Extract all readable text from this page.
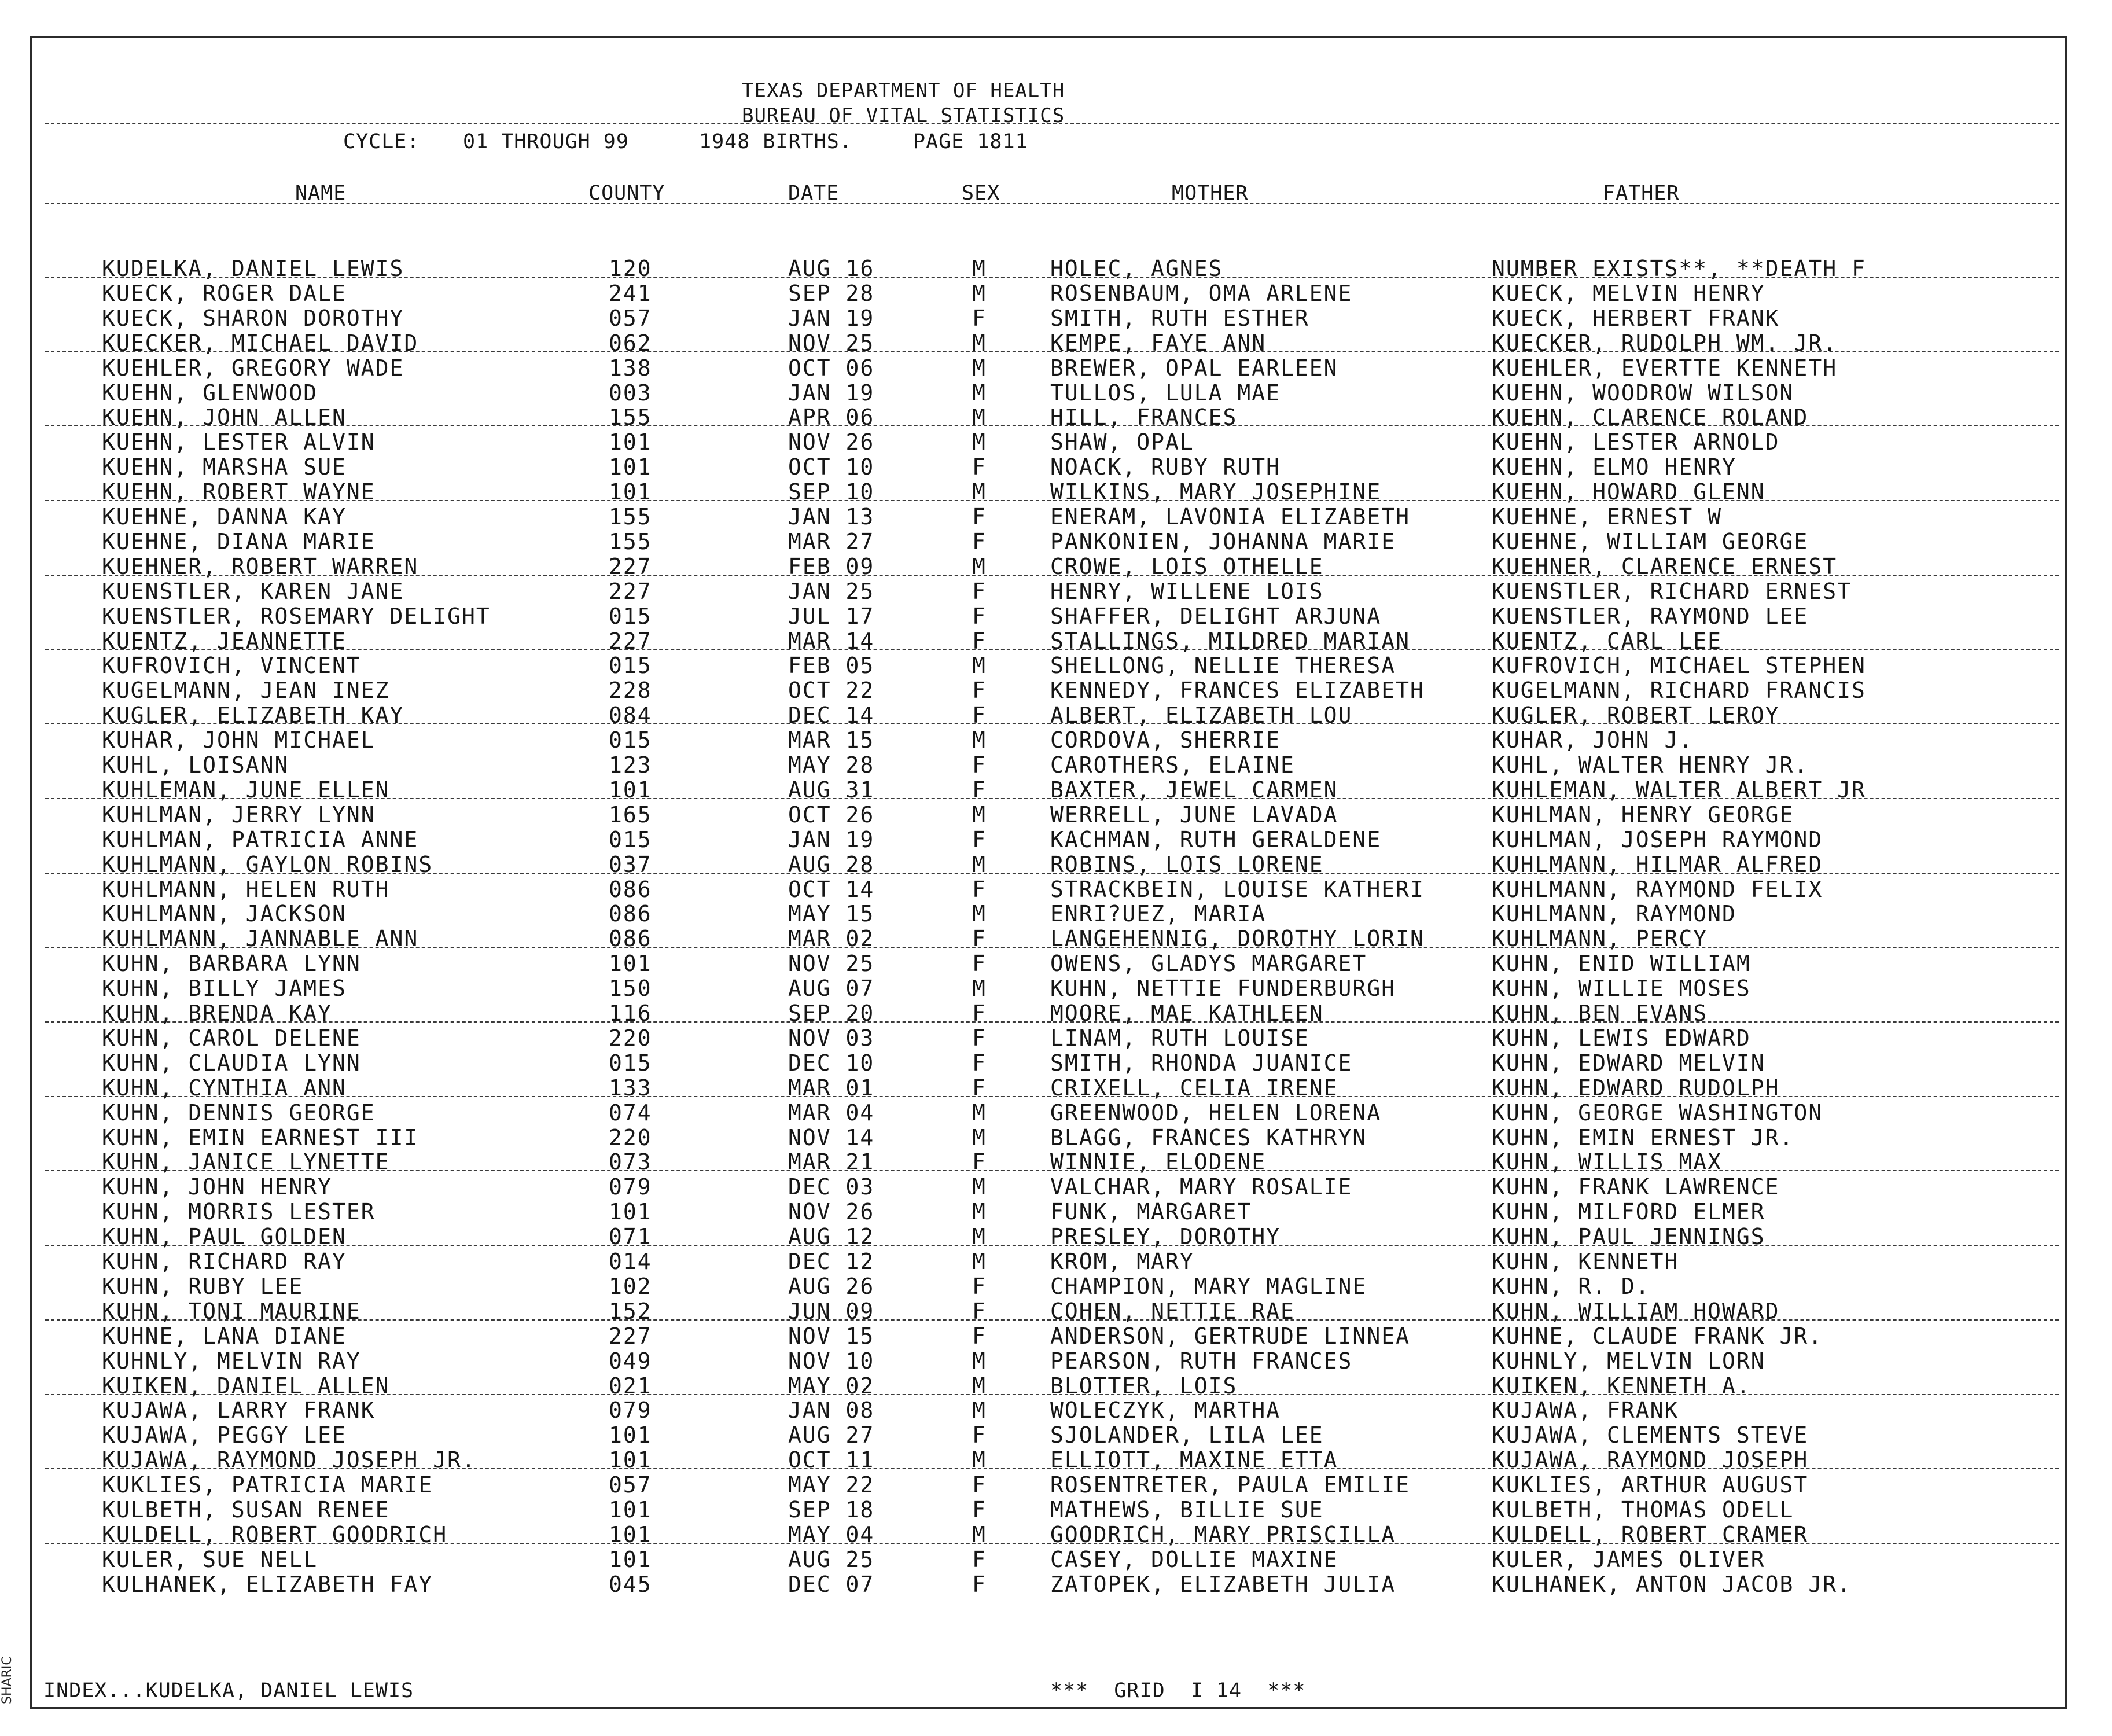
TEXAS DEPARTMENT OF HEALTH
BUREAU OF VITAL STATISTICS
CYCLE: 01 THROUGH 99	1948 BIRTHS.	PAGE 1811
NAME	COUNTY	DATE	SEX	MOTHER	FATHER
KUDELKA, DANIEL LEWIS	120	AUG 16	M	HOLEC, AGNES	NUMBER EXISTS**, **DEATH F
KUECK, ROGER DALE	241	SEP 28	M	ROSENBAUM, OMA ARLENE	KUECK, MELVIN HENRY
KUECK, SHARON DOROTHY	057	JAN 19	F	SMITH, RUTH ESTHER	KUECK, HERBERT FRANK
KUECKER, MICHAEL DAVID	062	NOV 25	M	KEMPE, FAYE ANN	KUECKER, RUDOLPH WM. JR.
KUEHLER, GREGORY WADE	138	OCT 06	M	BREWER, OPAL EARLEEN	KUEHLER, EVERTTE KENNETH
KUEHN, GLENWOOD	003	JAN 19	M	TULLOS, LULA MAE	KUEHN, WOODROW WILSON
KUEHN, JOHN ALLEN	155	APR 06	M	HILL, FRANCES	KUEHN, CLARENCE ROLAND
KUEHN, LESTER ALVIN	101	NOV 26	M	SHAW, OPAL	KUEHN, LESTER ARNOLD
KUEHN, MARSHA SUE	101	OCT 10	F	NOACK, RUBY RUTH	KUEHN, ELMO HENRY
KUEHN, ROBERT WAYNE	101	SEP 10	M	WILKINS, MARY JOSEPHINE	KUEHN, HOWARD GLENN
KUEHNE, DANNA KAY	155	JAN 13	F	ENERAM, LAVONIA ELIZABETH	KUEHNE, ERNEST W
KUEHNE, DIANA MARIE	155	MAR 27	F	PANKONIEN, JOHANNA MARIE	KUEHNE, WILLIAM GEORGE
KUEHNER, ROBERT WARREN	227	FEB 09	M	CROWE, LOIS OTHELLE	KUEHNER, CLARENCE ERNEST
KUENSTLER, KAREN JANE	227	JAN 25	F	HENRY, WILLENE LOIS	KUENSTLER, RICHARD ERNEST
KUENSTLER, ROSEMARY DELIGHT	015	JUL 17	F	SHAFFER, DELIGHT ARJUNA	KUENSTLER, RAYMOND LEE
KUENTZ, JEANNETTE	227	MAR 14	F	STALLINGS, MILDRED MARIAN	KUENTZ, CARL LEE
KUFROVICH, VINCENT	015	FEB 05	M	SHELLONG, NELLIE THERESA	KUFROVICH, MICHAEL STEPHEN
KUGELMANN, JEAN INEZ	228	OCT 22	F	KENNEDY, FRANCES ELIZABETH	KUGELMANN, RICHARD FRANCIS
KUGLER, ELIZABETH KAY	084	DEC 14	F	ALBERT, ELIZABETH LOU	KUGLER, ROBERT LEROY
KUHAR, JOHN MICHAEL	015	MAR 15	M	CORDOVA, SHERRIE	KUHAR, JOHN J.
KUHL, LOISANN	123	MAY 28	F	CAROTHERS, ELAINE	KUHL, WALTER HENRY JR.
KUHLEMAN, JUNE ELLEN	101	AUG 31	F	BAXTER, JEWEL CARMEN	KUHLEMAN, WALTER ALBERT JR
KUHLMAN, JERRY LYNN	165	OCT 26	M	WERRELL, JUNE LAVADA	KUHLMAN, HENRY GEORGE
KUHLMAN, PATRICIA ANNE	015	JAN 19	F	KACHMAN, RUTH GERALDENE	KUHLMAN, JOSEPH RAYMOND
KUHLMANN, GAYLON ROBINS	037	AUG 28	M	ROBINS, LOIS LORENE	KUHLMANN, HILMAR ALFRED
KUHLMANN, HELEN RUTH	086	OCT 14	F	STRACKBEIN, LOUISE KATHERI	KUHLMANN, RAYMOND FELIX
KUHLMANN, JACKSON	086	MAY 15	M	ENRI?UEZ, MARIA	KUHLMANN, RAYMOND
KUHLMANN, JANNABLE ANN	086	MAR 02	F	LANGEHENNIG, DOROTHY LORIN	KUHLMANN, PERCY
KUHN, BARBARA LYNN	101	NOV 25	F	OWENS, GLADYS MARGARET	KUHN, ENID WILLIAM
KUHN, BILLY JAMES	150	AUG 07	M	KUHN, NETTIE FUNDERBURGH	KUHN, WILLIE MOSES
KUHN, BRENDA KAY	116	SEP 20	F	MOORE, MAE KATHLEEN	KUHN, BEN EVANS
KUHN, CAROL DELENE	220	NOV 03	F	LINAM, RUTH LOUISE	KUHN, LEWIS EDWARD
KUHN, CLAUDIA LYNN	015	DEC 10	F	SMITH, RHONDA JUANICE	KUHN, EDWARD MELVIN
KUHN, CYNTHIA ANN	133	MAR 01	F	CRIXELL, CELIA IRENE	KUHN, EDWARD RUDOLPH
KUHN, DENNIS GEORGE	074	MAR 04	M	GREENWOOD, HELEN LORENA	KUHN, GEORGE WASHINGTON
KUHN, EMIN EARNEST III	220	NOV 14	M	BLAGG, FRANCES KATHRYN	KUHN, EMIN ERNEST JR.
KUHN, JANICE LYNETTE	073	MAR 21	F	WINNIE, ELODENE	KUHN, WILLIS MAX
KUHN, JOHN HENRY	079	DEC 03	M	VALCHAR, MARY ROSALIE	KUHN, FRANK LAWRENCE
KUHN, MORRIS LESTER	101	NOV 26	M	FUNK, MARGARET	KUHN, MILFORD ELMER
KUHN, PAUL GOLDEN	071	AUG 12	M	PRESLEY, DOROTHY	KUHN, PAUL JENNINGS
KUHN, RICHARD RAY	014	DEC 12	M	KROM, MARY	KUHN, KENNETH
KUHN, RUBY LEE	102	AUG 26	F	CHAMPION, MARY MAGLINE	KUHN, R. D.
KUHN, TONI MAURINE	152	JUN 09	F	COHEN, NETTIE RAE	KUHN, WILLIAM HOWARD
KUHNE, LANA DIANE	227	NOV 15	F	ANDERSON, GERTRUDE LINNEA	KUHNE, CLAUDE FRANK JR.
KUHNLY, MELVIN RAY	049	NOV 10	M	PEARSON, RUTH FRANCES	KUHNLY, MELVIN LORN
KUIKEN, DANIEL ALLEN	021	MAY 02	M	BLOTTER, LOIS	KUIKEN, KENNETH A.
KUJAWA, LARRY FRANK	079	JAN 08	M	WOLECZYK, MARTHA	KUJAWA, FRANK
KUJAWA, PEGGY LEE	101	AUG 27	F	SJOLANDER, LILA LEE	KUJAWA, CLEMENTS STEVE
KUJAWA, RAYMOND JOSEPH JR.	101	OCT 11	M	ELLIOTT, MAXINE ETTA	KUJAWA, RAYMOND JOSEPH
KUKLIES, PATRICIA MARIE	057	MAY 22	F	ROSENTRETER, PAULA EMILIE	KUKLIES, ARTHUR AUGUST
KULBETH, SUSAN RENEE	101	SEP 18	F	MATHEWS, BILLIE SUE	KULBETH, THOMAS ODELL
KULDELL, ROBERT GOODRICH	101	MAY 04	M	GOODRICH, MARY PRISCILLA	KULDELL, ROBERT CRAMER
KULER, SUE NELL	101	AUG 25	F	CASEY, DOLLIE MAXINE	KULER, JAMES OLIVER
KULHANEK, ELIZABETH FAY	045	DEC 07	F	ZATOPEK, ELIZABETH JULIA	KULHANEK, ANTON JACOB JR.
INDEX...KUDELKA, DANIEL LEWIS	***  GRID  I 14  ***
SHARIC
